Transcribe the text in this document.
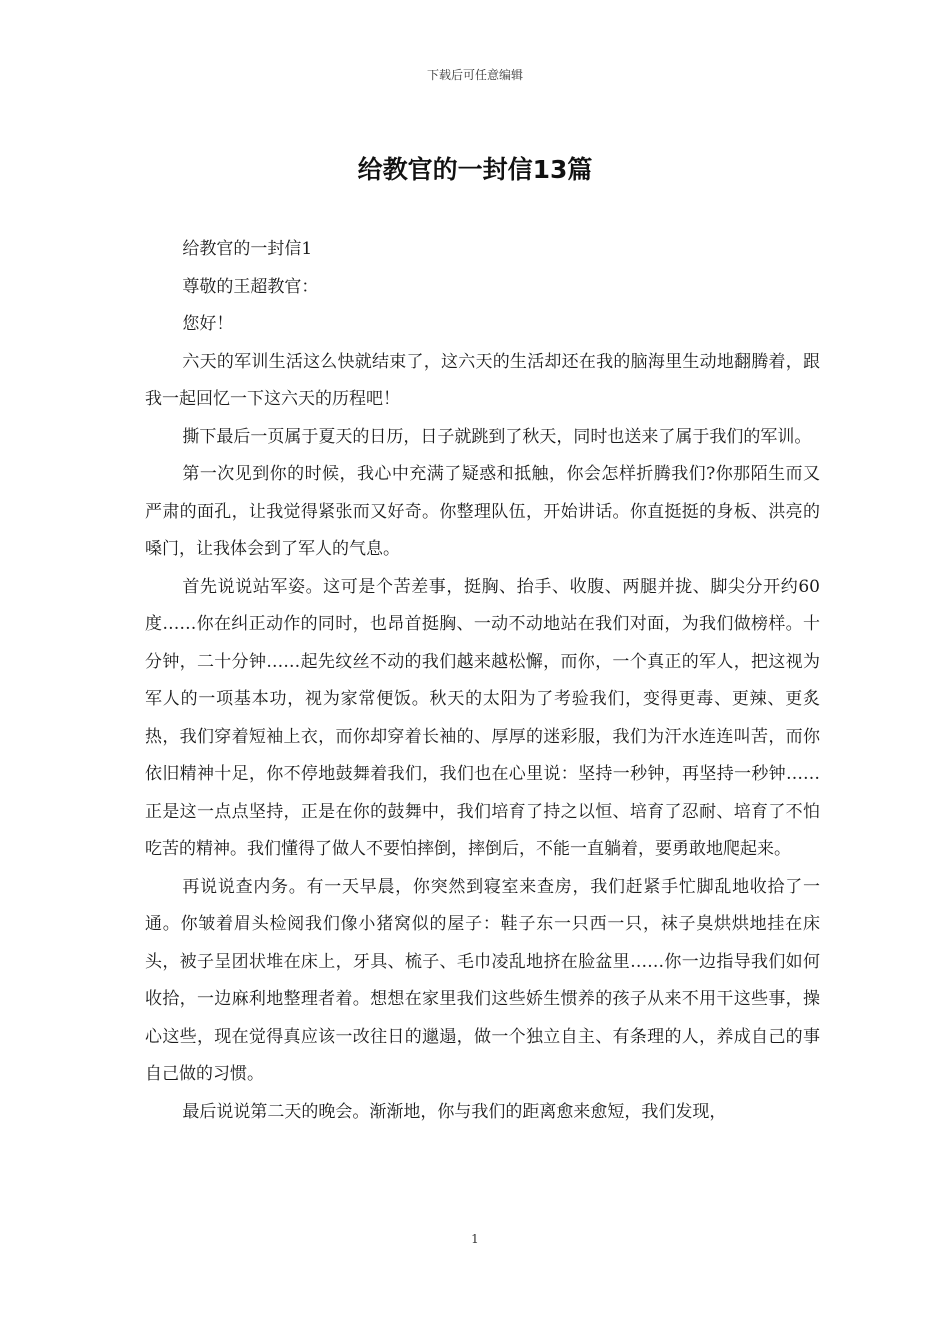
下载后可任意编辑
给教官的一封信13篇

给教官的一封信1

尊敬的王超教官：

您好！

六天的军训生活这么快就结束了，这六天的生活却还在我的脑海里生动地翻腾着，跟我一起回忆一下这六天的历程吧！

撕下最后一页属于夏天的日历，日子就跳到了秋天，同时也送来了属于我们的军训。

第一次见到你的时候，我心中充满了疑惑和抵触，你会怎样折腾我们?你那陌生而又严肃的面孔，让我觉得紧张而又好奇。你整理队伍，开始讲话。你直挺挺的身板、洪亮的嗓门，让我体会到了军人的气息。

首先说说站军姿。这可是个苦差事，挺胸、抬手、收腹、两腿并拢、脚尖分开约60度……你在纠正动作的同时，也昂首挺胸、一动不动地站在我们对面，为我们做榜样。十分钟，二十分钟……起先纹丝不动的我们越来越松懈，而你，一个真正的军人，把这视为军人的一项基本功，视为家常便饭。秋天的太阳为了考验我们，变得更毒、更辣、更炙热，我们穿着短袖上衣，而你却穿着长袖的、厚厚的迷彩服，我们为汗水连连叫苦，而你依旧精神十足，你不停地鼓舞着我们，我们也在心里说：坚持一秒钟，再坚持一秒钟……正是这一点点坚持，正是在你的鼓舞中，我们培育了持之以恒、培育了忍耐、培育了不怕吃苦的精神。我们懂得了做人不要怕摔倒，摔倒后，不能一直躺着，要勇敢地爬起来。

再说说查内务。有一天早晨，你突然到寝室来查房，我们赶紧手忙脚乱地收拾了一通。你皱着眉头检阅我们像小猪窝似的屋子：鞋子东一只西一只，袜子臭烘烘地挂在床头，被子呈团状堆在床上，牙具、梳子、毛巾凌乱地挤在脸盆里……你一边指导我们如何收拾，一边麻利地整理者着。想想在家里我们这些娇生惯养的孩子从来不用干这些事，操心这些，现在觉得真应该一改往日的邋遢，做一个独立自主、有条理的人，养成自己的事自己做的习惯。

最后说说第二天的晚会。渐渐地，你与我们的距离愈来愈短，我们发现，

1
